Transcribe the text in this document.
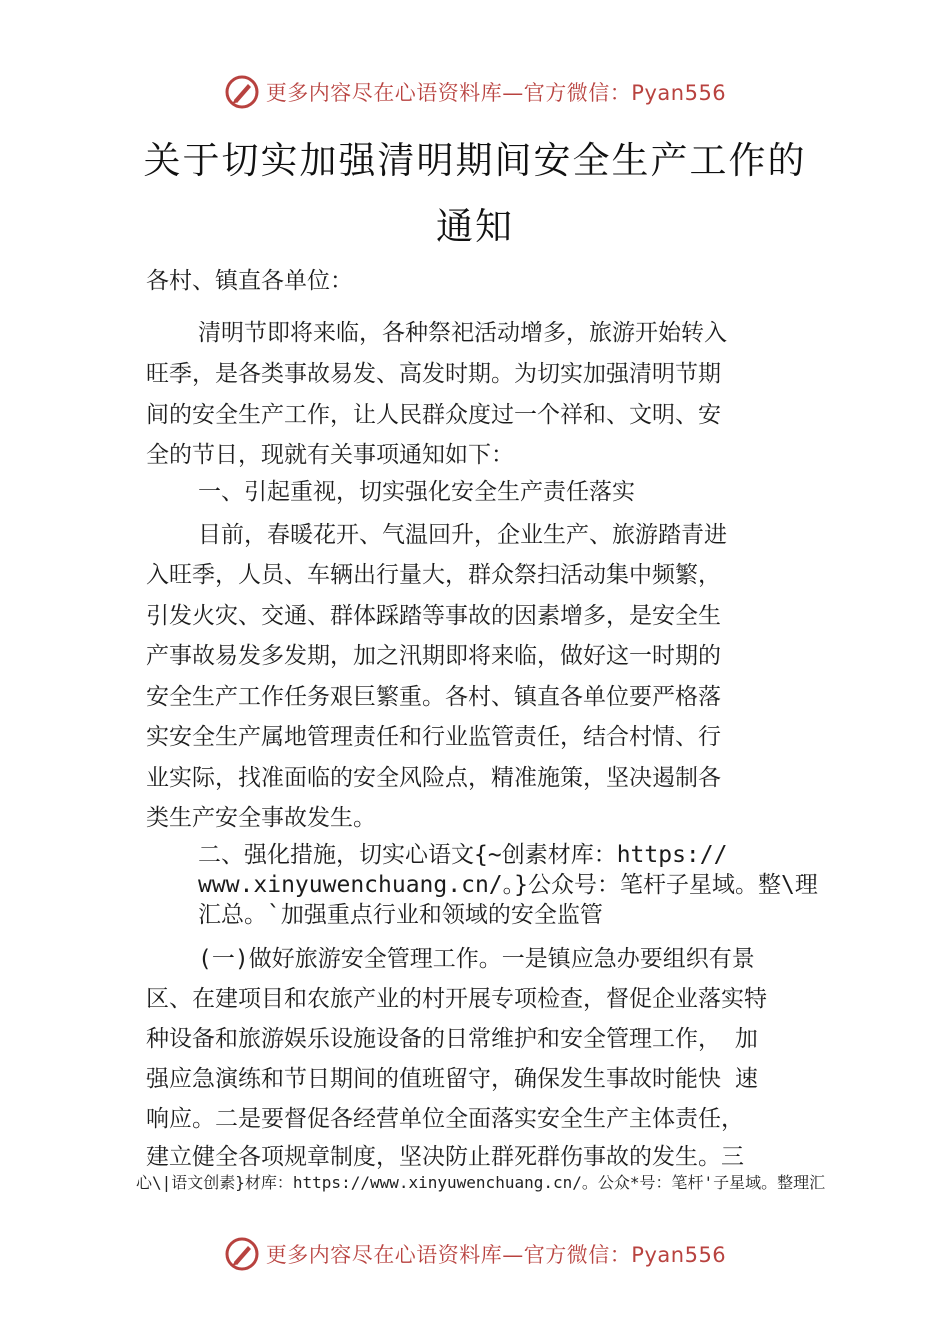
更多内容尽在心语资料库—官方微信：Pyan556
关于切实加强清明期间安全生产工作的
通知
各村、镇直各单位：
清明节即将来临，各种祭祀活动增多，旅游开始转入
旺季，是各类事故易发、高发时期。为切实加强清明节期
间的安全生产工作，让人民群众度过一个祥和、文明、安
全的节日，现就有关事项通知如下：
一、引起重视，切实强化安全生产责任落实
目前，春暖花开、气温回升，企业生产、旅游踏青进
入旺季，人员、车辆出行量大，群众祭扫活动集中频繁，
引发火灾、交通、群体踩踏等事故的因素增多，是安全生
产事故易发多发期，加之汛期即将来临，做好这一时期的
安全生产工作任务艰巨繁重。各村、镇直各单位要严格落
实安全生产属地管理责任和行业监管责任，结合村情、行
业实际，找准面临的安全风险点，精准施策，坚决遏制各
类生产安全事故发生。
二、强化措施，切实心语文{~创素材库：https://
www.xinyuwenchuang.cn/。}公众号：笔杆子星域。整\理
汇总。`加强重点行业和领域的安全监管
(一)做好旅游安全管理工作。一是镇应急办要组织有景
区、在建项目和农旅产业的村开展专项检查，督促企业落实特
种设备和旅游娱乐设施设备的日常维护和安全管理工作， 加
强应急演练和节日期间的值班留守，确保发生事故时能快 速
响应。二是要督促各经营单位全面落实安全生产主体责任，
建立健全各项规章制度，坚决防止群死群伤事故的发生。三
心\|语文创素}材库：https://www.xinyuwenchuang.cn/。公众*号：笔杆'子星域。整理汇
更多内容尽在心语资料库—官方微信：Pyan556
